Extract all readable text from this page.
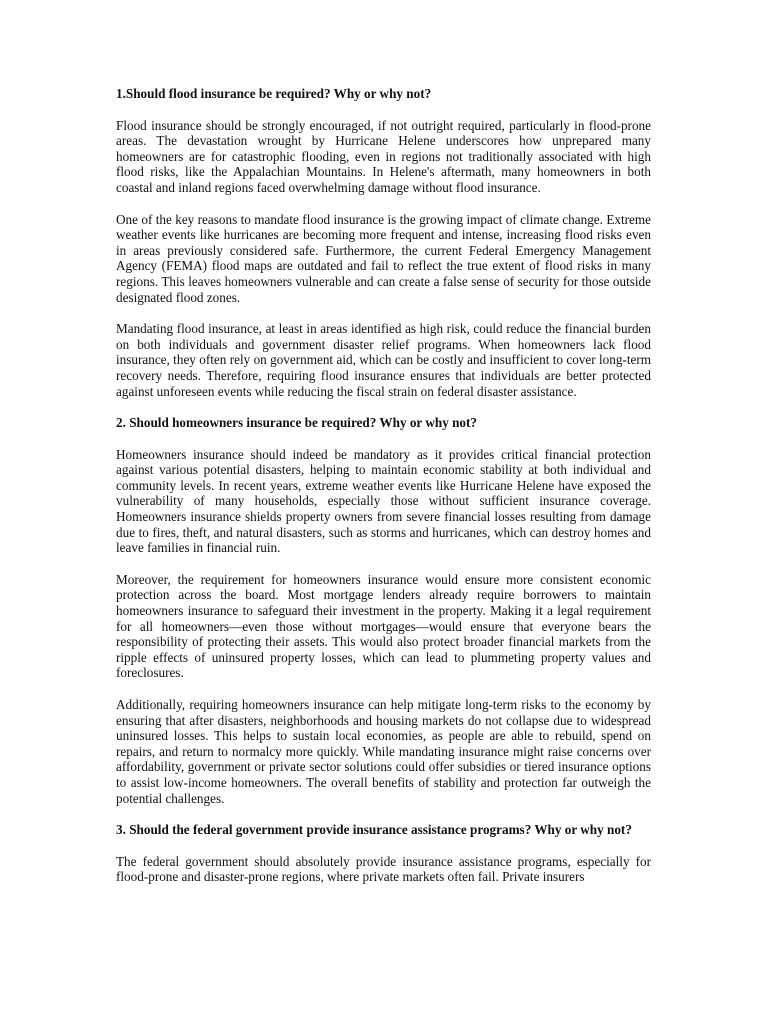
1.Should flood insurance be required? Why or why not?

Flood insurance should be strongly encouraged, if not outright required, particularly in flood-prone areas. The devastation wrought by Hurricane Helene underscores how unprepared many homeowners are for catastrophic flooding, even in regions not traditionally associated with high flood risks, like the Appalachian Mountains. In Helene's aftermath, many homeowners in both coastal and inland regions faced overwhelming damage without flood insurance.

One of the key reasons to mandate flood insurance is the growing impact of climate change. Extreme weather events like hurricanes are becoming more frequent and intense, increasing flood risks even in areas previously considered safe. Furthermore, the current Federal Emergency Management Agency (FEMA) flood maps are outdated and fail to reflect the true extent of flood risks in many regions. This leaves homeowners vulnerable and can create a false sense of security for those outside designated flood zones.

Mandating flood insurance, at least in areas identified as high risk, could reduce the financial burden on both individuals and government disaster relief programs. When homeowners lack flood insurance, they often rely on government aid, which can be costly and insufficient to cover long-term recovery needs. Therefore, requiring flood insurance ensures that individuals are better protected against unforeseen events while reducing the fiscal strain on federal disaster assistance.

2. Should homeowners insurance be required? Why or why not?

Homeowners insurance should indeed be mandatory as it provides critical financial protection against various potential disasters, helping to maintain economic stability at both individual and community levels. In recent years, extreme weather events like Hurricane Helene have exposed the vulnerability of many households, especially those without sufficient insurance coverage. Homeowners insurance shields property owners from severe financial losses resulting from damage due to fires, theft, and natural disasters, such as storms and hurricanes, which can destroy homes and leave families in financial ruin.

Moreover, the requirement for homeowners insurance would ensure more consistent economic protection across the board. Most mortgage lenders already require borrowers to maintain homeowners insurance to safeguard their investment in the property. Making it a legal requirement for all homeowners—even those without mortgages—would ensure that everyone bears the responsibility of protecting their assets. This would also protect broader financial markets from the ripple effects of uninsured property losses, which can lead to plummeting property values and foreclosures.

Additionally, requiring homeowners insurance can help mitigate long-term risks to the economy by ensuring that after disasters, neighborhoods and housing markets do not collapse due to widespread uninsured losses. This helps to sustain local economies, as people are able to rebuild, spend on repairs, and return to normalcy more quickly. While mandating insurance might raise concerns over affordability, government or private sector solutions could offer subsidies or tiered insurance options to assist low-income homeowners. The overall benefits of stability and protection far outweigh the potential challenges.

3. Should the federal government provide insurance assistance programs? Why or why not?

The federal government should absolutely provide insurance assistance programs, especially for flood-prone and disaster-prone regions, where private markets often fail. Private insurers
